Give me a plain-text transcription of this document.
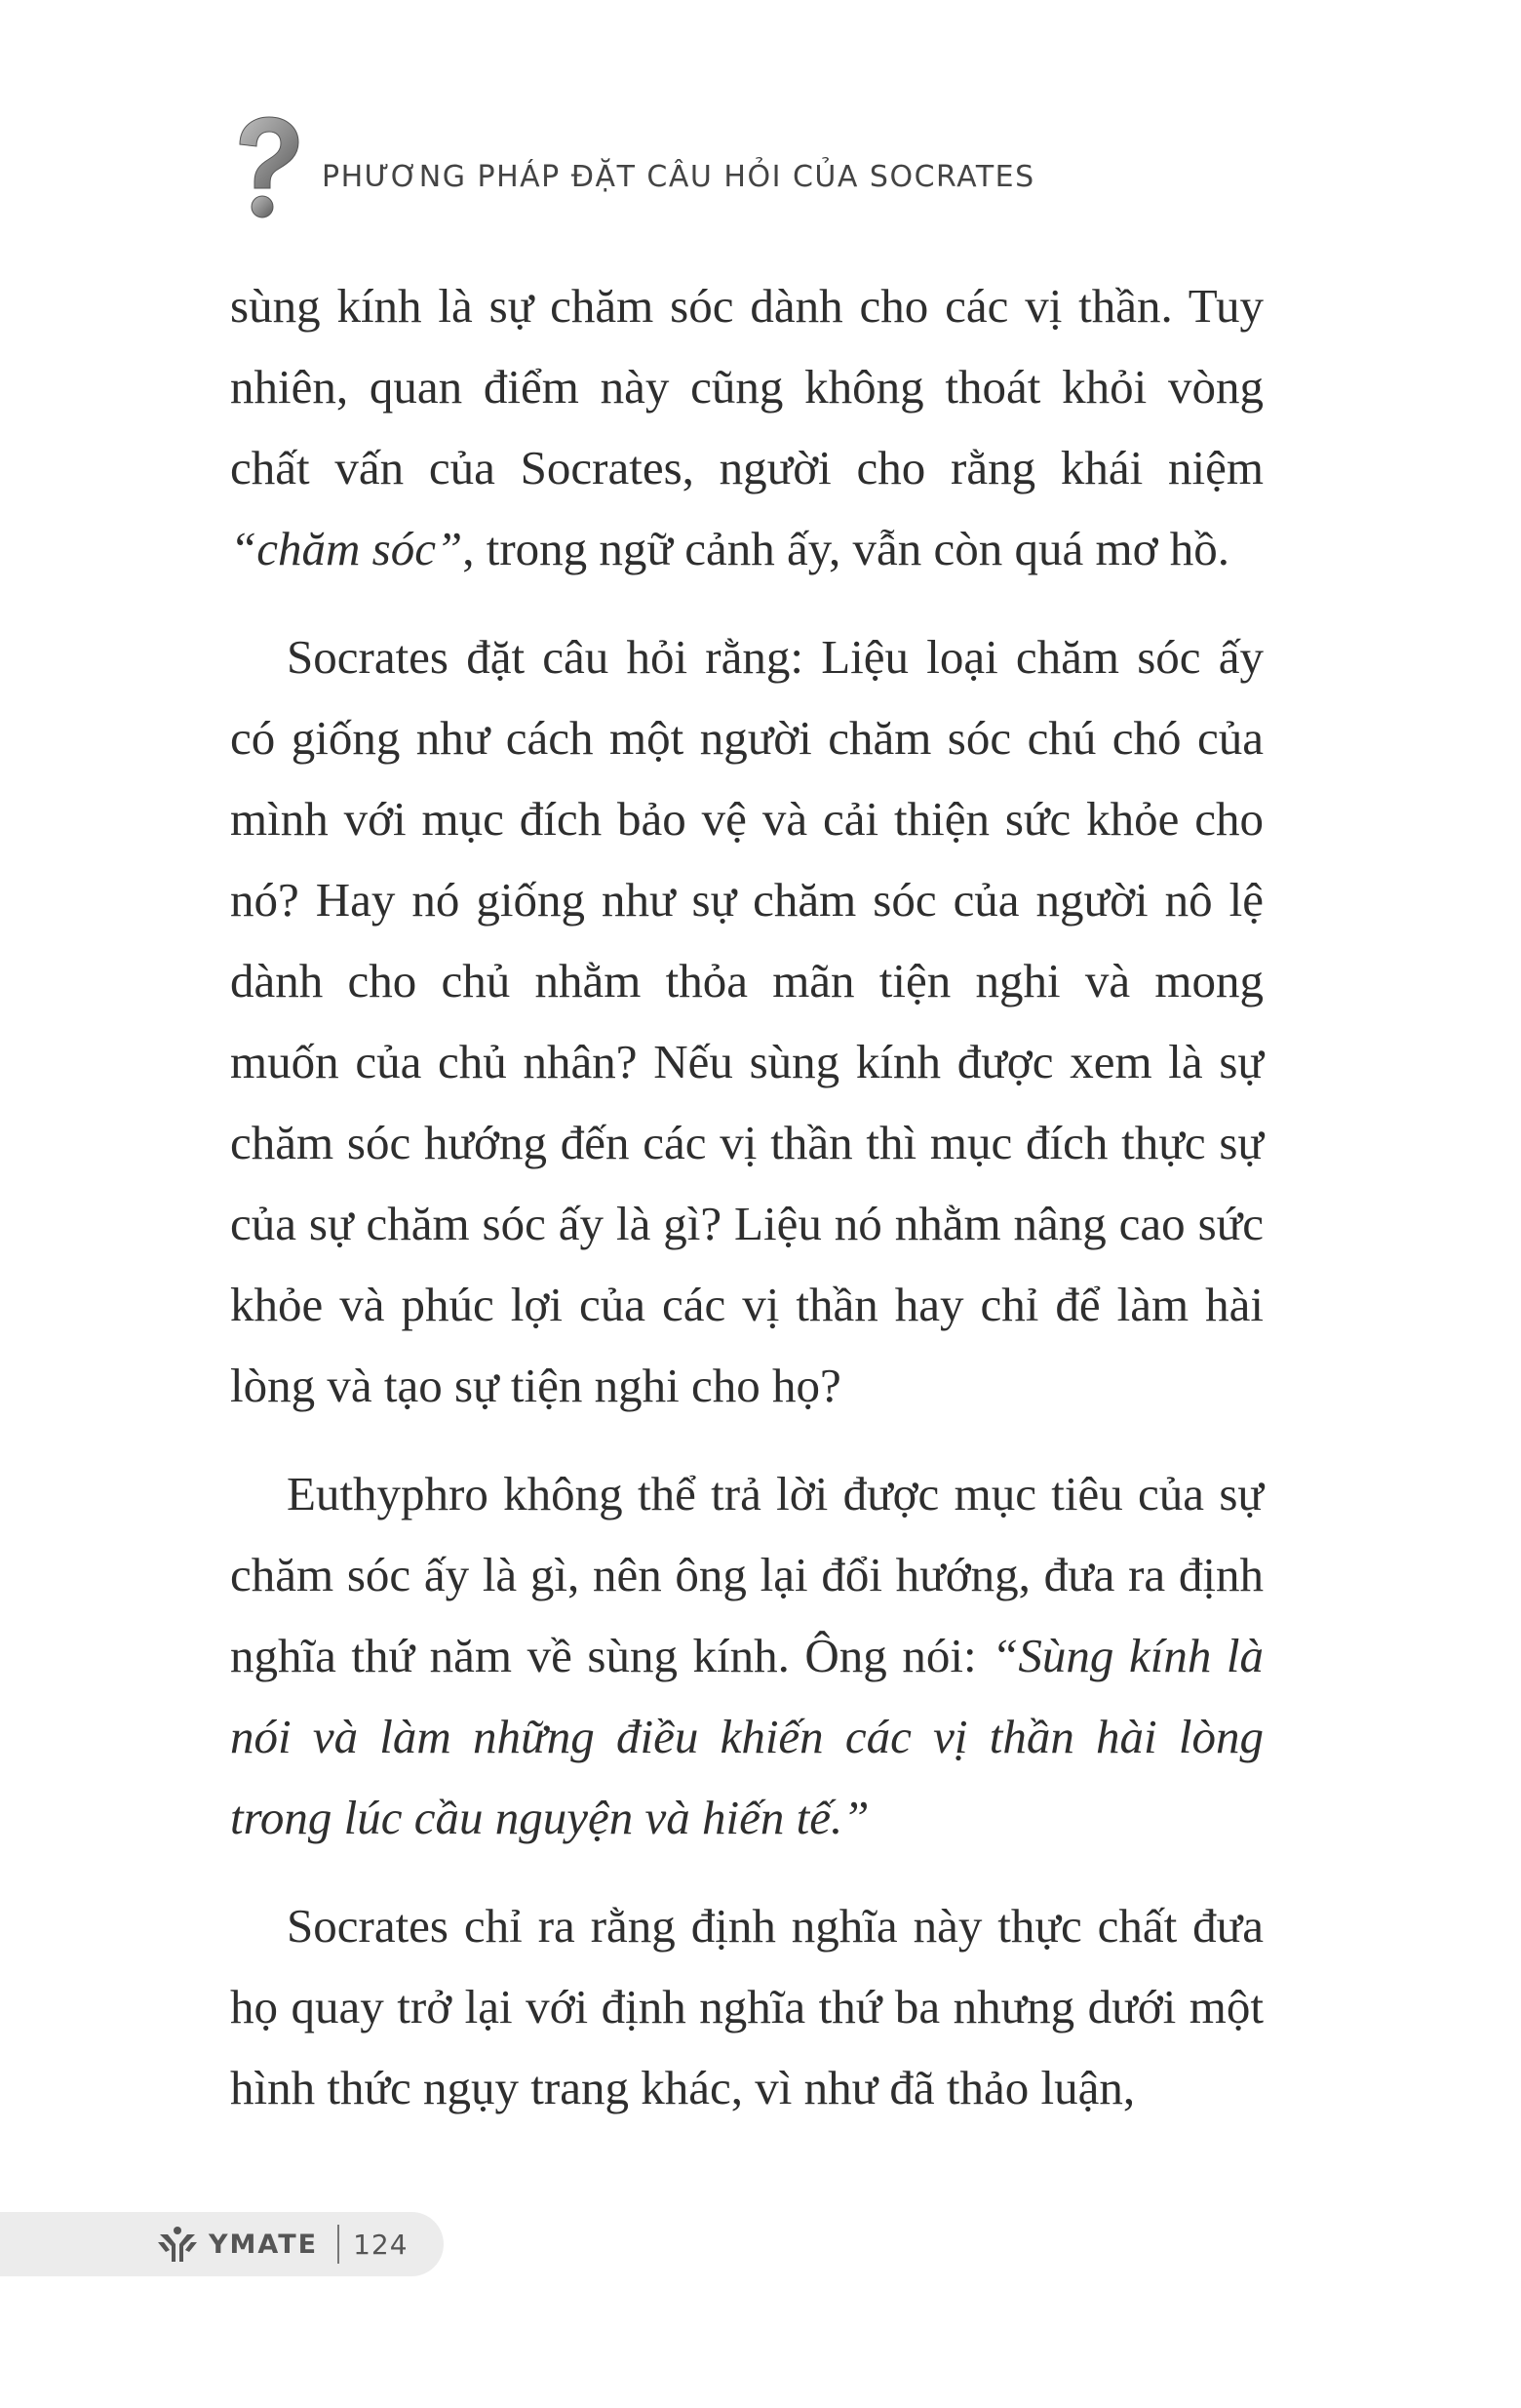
PHƯƠNG PHÁP ĐẶT CÂU HỎI CỦA SOCRATES

sùng kính là sự chăm sóc dành cho các vị thần. Tuy nhiên, quan điểm này cũng không thoát khỏi vòng chất vấn của Socrates, người cho rằng khái niệm “chăm sóc”, trong ngữ cảnh ấy, vẫn còn quá mơ hồ.

Socrates đặt câu hỏi rằng: Liệu loại chăm sóc ấy có giống như cách một người chăm sóc chú chó của mình với mục đích bảo vệ và cải thiện sức khỏe cho nó? Hay nó giống như sự chăm sóc của người nô lệ dành cho chủ nhằm thỏa mãn tiện nghi và mong muốn của chủ nhân? Nếu sùng kính được xem là sự chăm sóc hướng đến các vị thần thì mục đích thực sự của sự chăm sóc ấy là gì? Liệu nó nhằm nâng cao sức khỏe và phúc lợi của các vị thần hay chỉ để làm hài lòng và tạo sự tiện nghi cho họ?

Euthyphro không thể trả lời được mục tiêu của sự chăm sóc ấy là gì, nên ông lại đổi hướng, đưa ra định nghĩa thứ năm về sùng kính. Ông nói: “Sùng kính là nói và làm những điều khiến các vị thần hài lòng trong lúc cầu nguyện và hiến tế.”

Socrates chỉ ra rằng định nghĩa này thực chất đưa họ quay trở lại với định nghĩa thứ ba nhưng dưới một hình thức ngụy trang khác, vì như đã thảo luận,

YMATE 124
